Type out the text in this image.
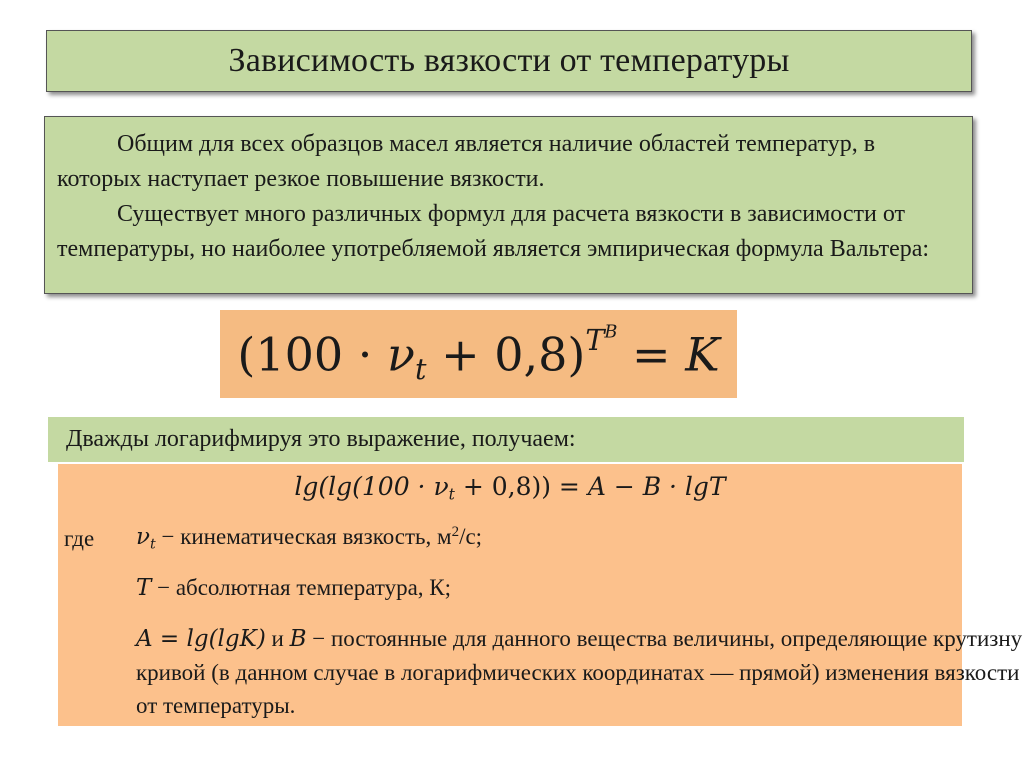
Зависимость вязкости от температуры

Общим для всех образцов масел является наличие областей температур, в которых наступает резкое повышение вязкости.

Существует много различных формул для расчета вязкости в зависимости от температуры, но наиболее употребляемой является эмпирическая формула Вальтера:

$(100 \cdot \nu_t + 0,8)^{T^B} = K$
Дважды логарифмируя это выражение, получаем:
$\lg(\lg(100 \cdot \nu_t + 0,8)) = A - B \cdot \lg T$
где	$\nu_t$ − кинематическая вязкость, $м^2/с$;
T − абсолютная температура, К;
A = lg(lgK) и B − постоянные для данного вещества величины, определяющие крутизну кривой (в данном случае в логарифмических координатах — прямой) изменения вязкости от температуры.
